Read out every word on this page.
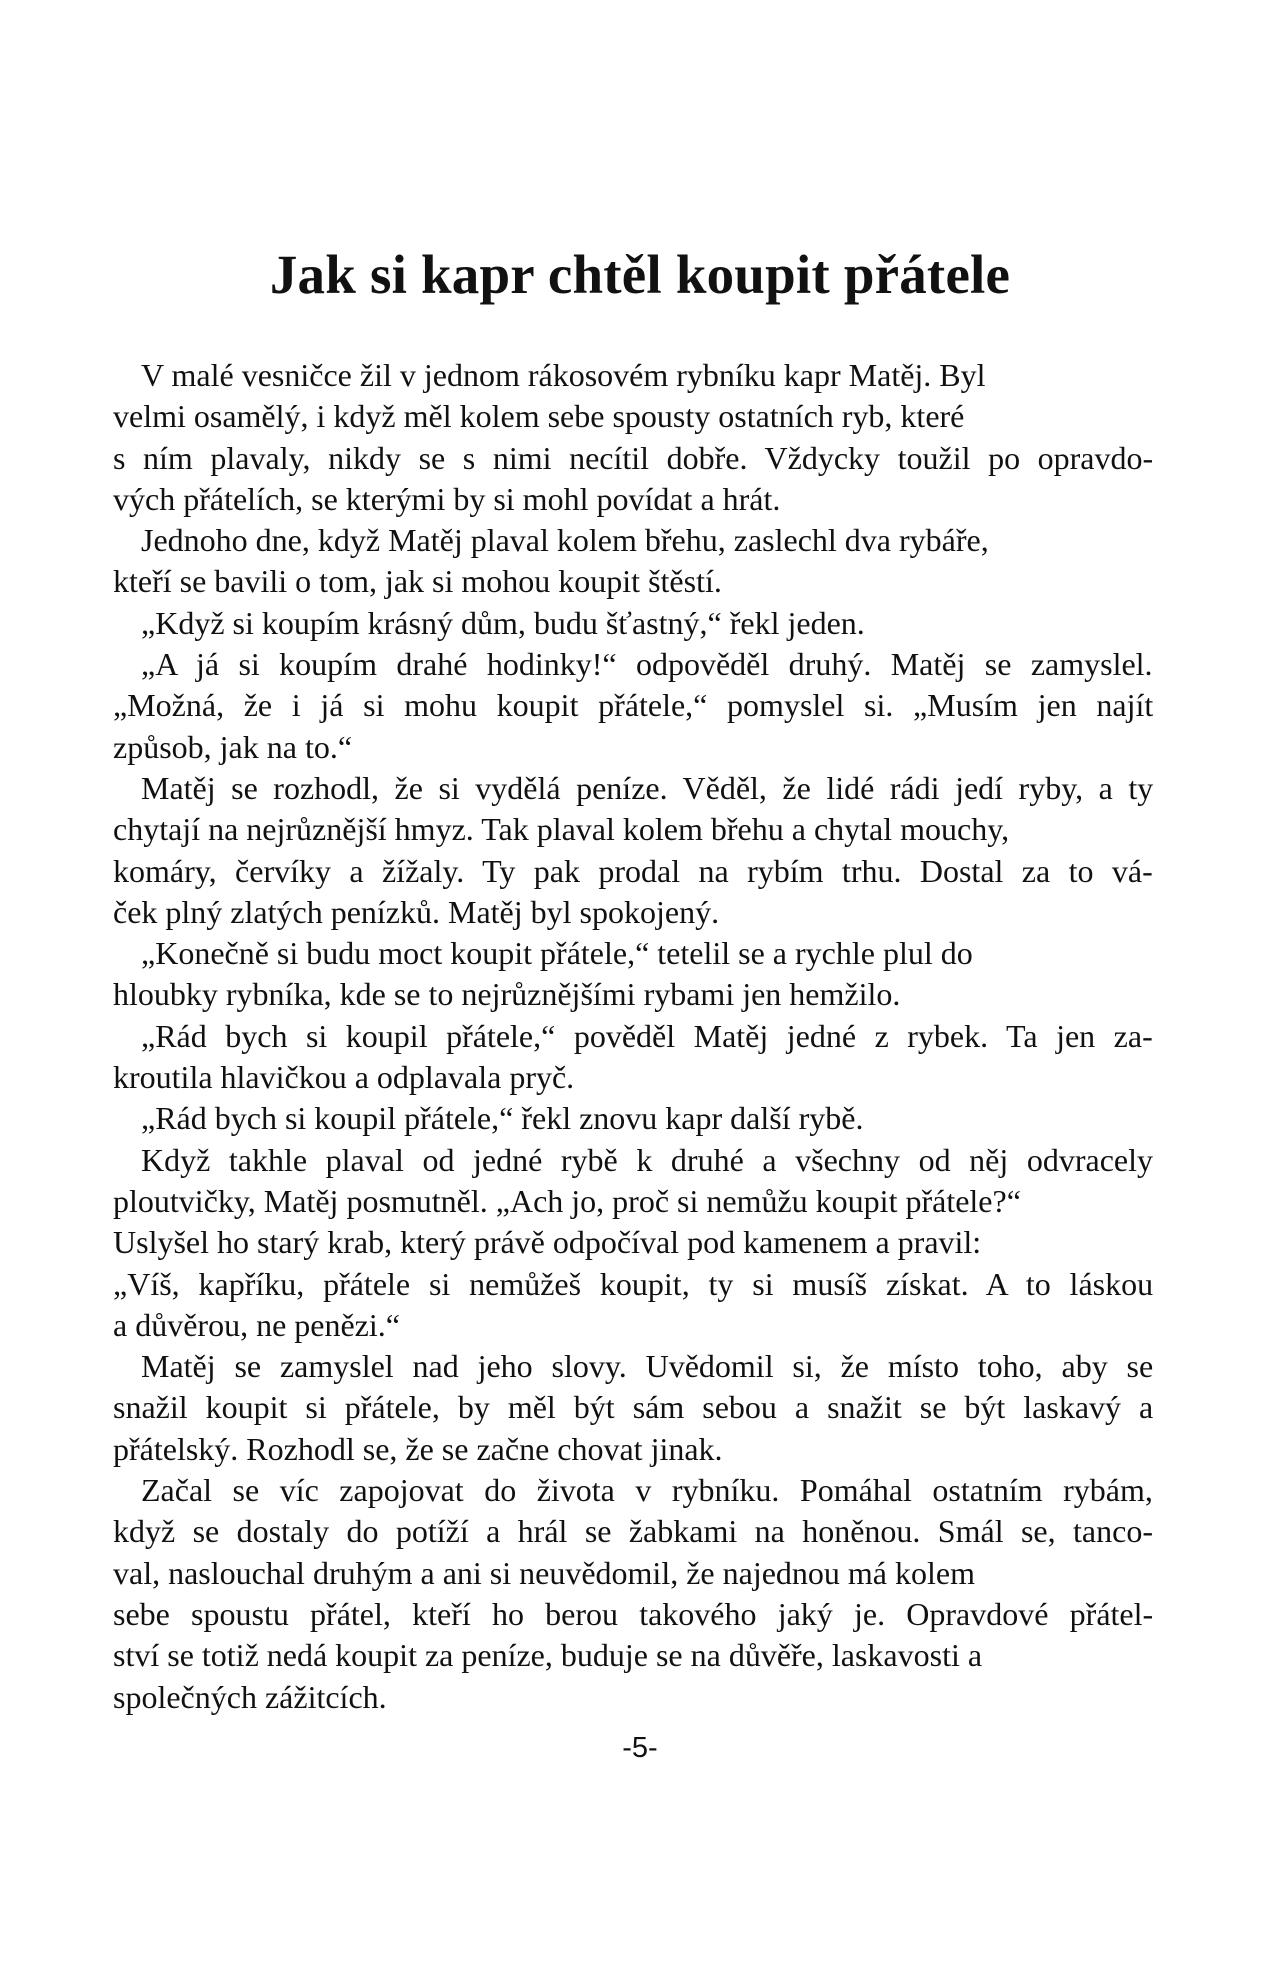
Jak si kapr chtěl koupit přátele
V malé vesničce žil v jednom rákosovém rybníku kapr Matěj. Byl
velmi osamělý, i když měl kolem sebe spousty ostatních ryb, které
s ním plavaly, nikdy se s nimi necítil dobře. Vždycky toužil po opravdo-
vých přátelích, se kterými by si mohl povídat a hrát.
Jednoho dne, když Matěj plaval kolem břehu, zaslechl dva rybáře,
kteří se bavili o tom, jak si mohou koupit štěstí.
„Když si koupím krásný dům, budu šťastný,“ řekl jeden.
„A já si koupím drahé hodinky!“ odpověděl druhý. Matěj se zamyslel.
„Možná, že i já si mohu koupit přátele,“ pomyslel si. „Musím jen najít
způsob, jak na to.“
Matěj se rozhodl, že si vydělá peníze. Věděl, že lidé rádi jedí ryby, a ty
chytají na nejrůznější hmyz. Tak plaval kolem břehu a chytal mouchy,
komáry, červíky a žížaly. Ty pak prodal na rybím trhu. Dostal za to vá-
ček plný zlatých penízků. Matěj byl spokojený.
„Konečně si budu moct koupit přátele,“ tetelil se a rychle plul do
hloubky rybníka, kde se to nejrůznějšími rybami jen hemžilo.
„Rád bych si koupil přátele,“ pověděl Matěj jedné z rybek. Ta jen za-
kroutila hlavičkou a odplavala pryč.
„Rád bych si koupil přátele,“ řekl znovu kapr další rybě.
Když takhle plaval od jedné rybě k druhé a všechny od něj odvracely
ploutvičky, Matěj posmutněl. „Ach jo, proč si nemůžu koupit přátele?“
Uslyšel ho starý krab, který právě odpočíval pod kamenem a pravil:
„Víš, kapříku, přátele si nemůžeš koupit, ty si musíš získat. A to láskou
a důvěrou, ne penězi.“
Matěj se zamyslel nad jeho slovy. Uvědomil si, že místo toho, aby se
snažil koupit si přátele, by měl být sám sebou a snažit se být laskavý a
přátelský. Rozhodl se, že se začne chovat jinak.
Začal se víc zapojovat do života v rybníku. Pomáhal ostatním rybám,
když se dostaly do potíží a hrál se žabkami na honěnou. Smál se, tanco-
val, naslouchal druhým a ani si neuvědomil, že najednou má kolem
sebe spoustu přátel, kteří ho berou takového jaký je. Opravdové přátel-
ství se totiž nedá koupit za peníze, buduje se na důvěře, laskavosti a
společných zážitcích.
-5-
